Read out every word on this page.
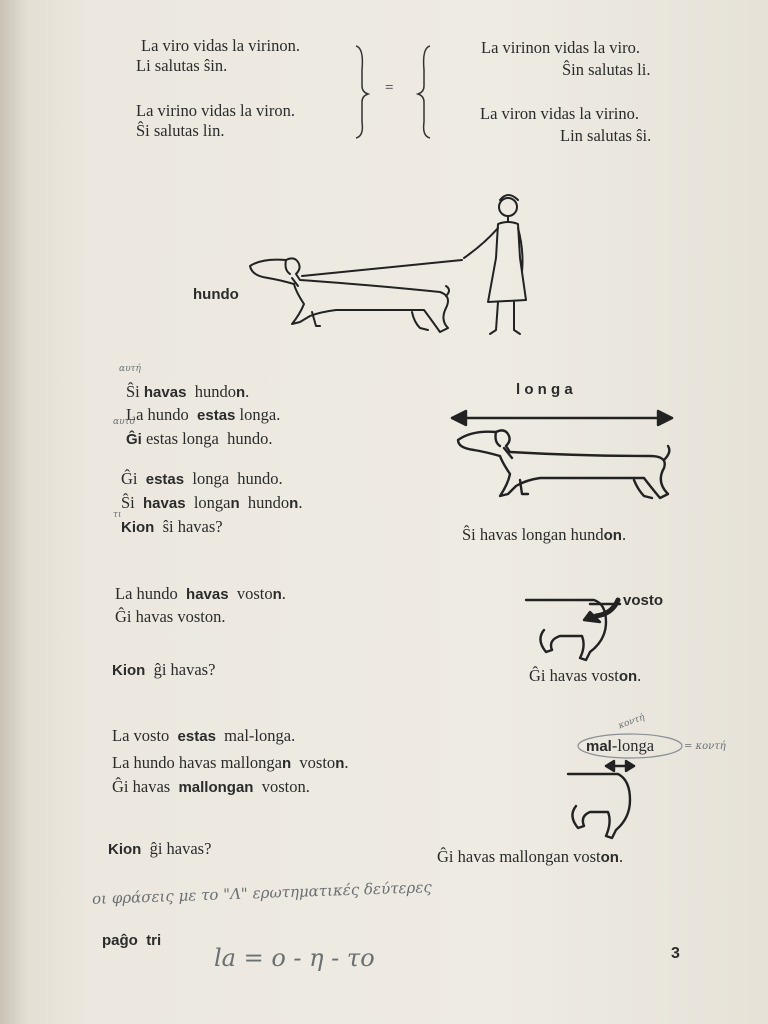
La viro vidas la virinon.
Li salutas ŝin.
La virino vidas la viron.
Ŝi salutas lin.
=
La virinon vidas la viro.
Ŝin salutas li.
La viron vidas la virino.
Lin salutas ŝi.
hundo
Ŝi havas hundon.
La hundo estas longa.
Ĝi estas longa hundo.
Ĝi estas longa hundo.
Ŝi havas longan hundon.
Kion ŝi havas?
l o n g a
Ŝi havas longan hundon.
La hundo havas voston.
Ĝi havas voston.
Kion ĝi havas?
vosto
Ĝi havas voston.
La vosto estas mal-longa.
La hundo havas mallongan voston.
Ĝi havas mallongan voston.
Kion ĝi havas?
mal-longa
Ĝi havas mallongan voston.
αυτή
αυτό
τι
κοντή
= κοντή
οι φράσεις με το "Λ" ερωτηματικές δεύτερες
la = ο - η - το
paĝo tri
3
